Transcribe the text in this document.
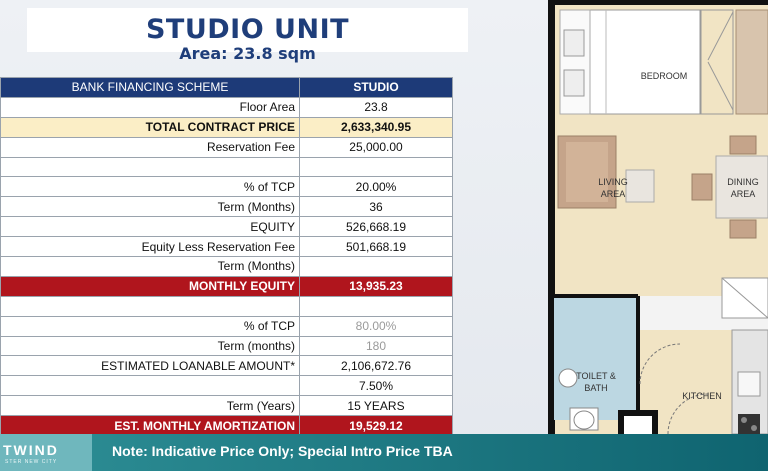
STUDIO UNIT
Area: 23.8 sqm
BANK FINANCING SCHEME	STUDIO
Floor Area	23.8
TOTAL CONTRACT PRICE	2,633,340.95
Reservation Fee	25,000.00

% of TCP	20.00%
Term (Months)	36
EQUITY	526,668.19
Equity Less Reservation Fee	501,668.19
Term (Months)	
MONTHLY EQUITY	13,935.23

% of TCP	80.00%
Term (months)	180
ESTIMATED LOANABLE AMOUNT*	2,106,672.76
	7.50%
Term (Years)	15 YEARS
EST. MONTHLY AMORTIZATION	19,529.12
BEDROOM
LIVING
AREA
DINING
AREA
TOILET &
BATH
KITCHEN
TWIND
STER NEW CITY
Note: Indicative Price Only; Special Intro Price TBA
